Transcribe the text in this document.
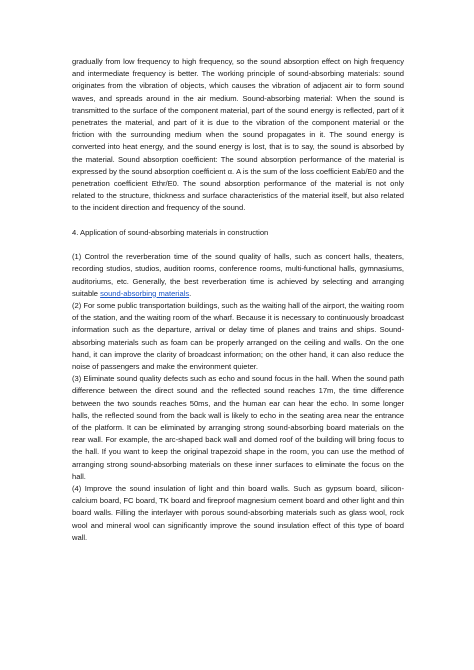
gradually from low frequency to high frequency, so the sound absorption effect on high frequency and intermediate frequency is better. The working principle of sound-absorbing materials: sound originates from the vibration of objects, which causes the vibration of adjacent air to form sound waves, and spreads around in the air medium. Sound-absorbing material: When the sound is transmitted to the surface of the component material, part of the sound energy is reflected, part of it penetrates the material, and part of it is due to the vibration of the component material or the friction with the surrounding medium when the sound propagates in it. The sound energy is converted into heat energy, and the sound energy is lost, that is to say, the sound is absorbed by the material. Sound absorption coefficient: The sound absorption performance of the material is expressed by the sound absorption coefficient α. A is the sum of the loss coefficient Eab/E0 and the penetration coefficient Ethr/E0. The sound absorption performance of the material is not only related to the structure, thickness and surface characteristics of the material itself, but also related to the incident direction and frequency of the sound.

4. Application of sound-absorbing materials in construction

(1) Control the reverberation time of the sound quality of halls, such as concert halls, theaters, recording studios, studios, audition rooms, conference rooms, multi-functional halls, gymnasiums, auditoriums, etc. Generally, the best reverberation time is achieved by selecting and arranging suitable sound-absorbing materials.

(2) For some public transportation buildings, such as the waiting hall of the airport, the waiting room of the station, and the waiting room of the wharf. Because it is necessary to continuously broadcast information such as the departure, arrival or delay time of planes and trains and ships. Sound-absorbing materials such as foam can be properly arranged on the ceiling and walls. On the one hand, it can improve the clarity of broadcast information; on the other hand, it can also reduce the noise of passengers and make the environment quieter.

(3) Eliminate sound quality defects such as echo and sound focus in the hall. When the sound path difference between the direct sound and the reflected sound reaches 17m, the time difference between the two sounds reaches 50ms, and the human ear can hear the echo. In some longer halls, the reflected sound from the back wall is likely to echo in the seating area near the entrance of the platform. It can be eliminated by arranging strong sound-absorbing board materials on the rear wall. For example, the arc-shaped back wall and domed roof of the building will bring focus to the hall. If you want to keep the original trapezoid shape in the room, you can use the method of arranging strong sound-absorbing materials on these inner surfaces to eliminate the focus on the hall.

(4) Improve the sound insulation of light and thin board walls. Such as gypsum board, silicon-calcium board, FC board, TK board and fireproof magnesium cement board and other light and thin board walls. Filling the interlayer with porous sound-absorbing materials such as glass wool, rock wool and mineral wool can significantly improve the sound insulation effect of this type of board wall.
